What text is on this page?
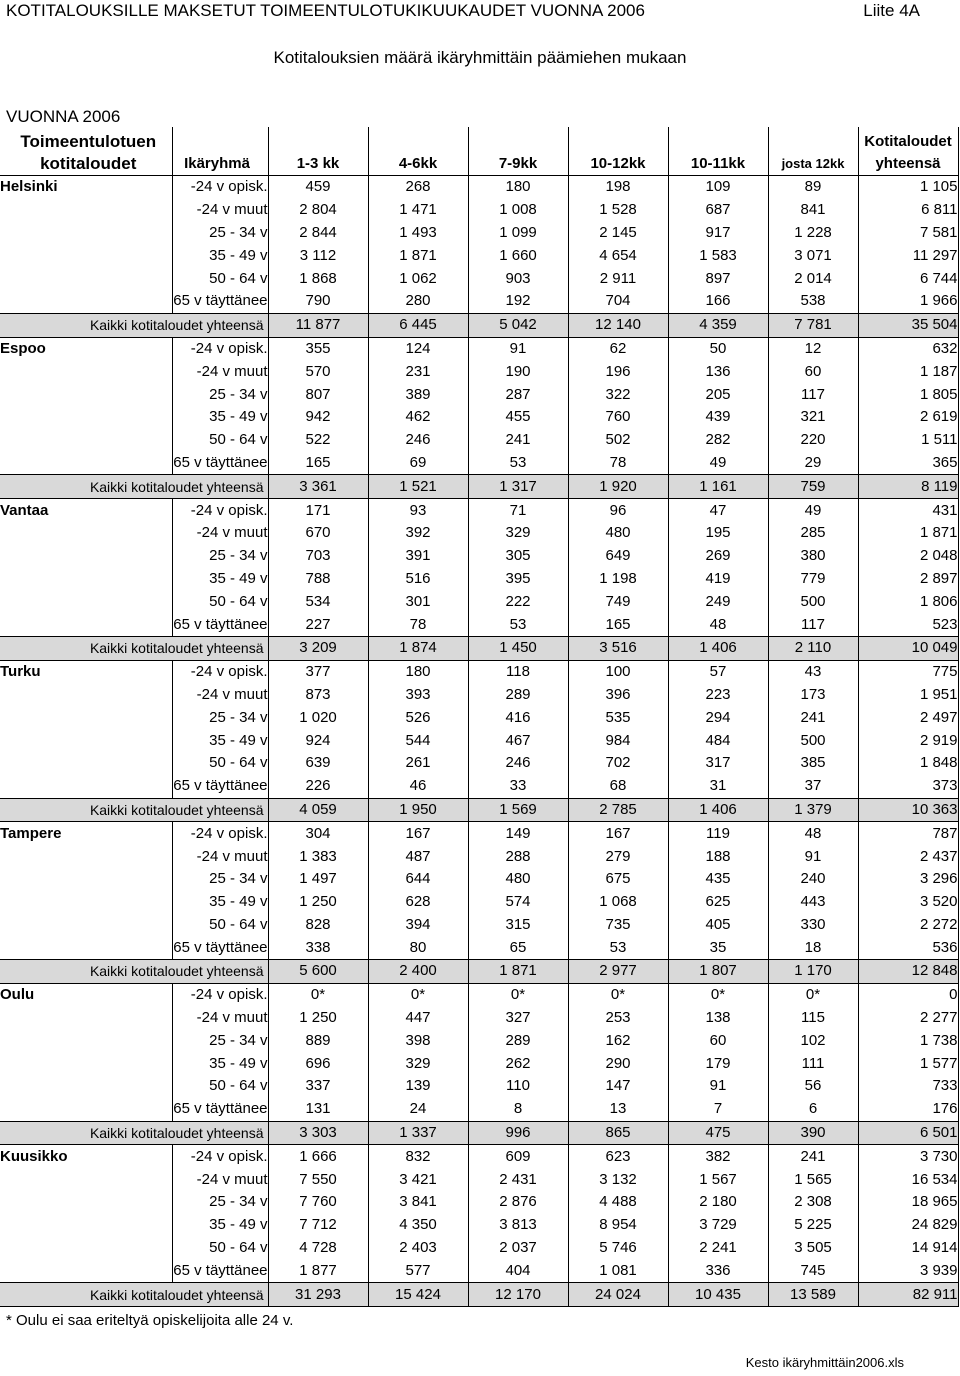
KOTITALOUKSILLE MAKSETUT TOIMEENTULOTUKIKUUKAUDET VUONNA 2006	Liite 4A
Kotitalouksien määrä ikäryhmittäin päämiehen mukaan
VUONNA 2006
Toimeentulotuen								Kotitaloudet
kotitaloudet	Ikäryhmä	1-3 kk	4-6kk	7-9kk	10-12kk	10-11kk	josta 12kk	yhteensä
Helsinki	-24 v opisk.	459	268	180	198	109	89	1 105
	-24 v muut	2 804	1 471	1 008	1 528	687	841	6 811
	25 - 34 v	2 844	1 493	1 099	2 145	917	1 228	7 581
	35 - 49 v	3 112	1 871	1 660	4 654	1 583	3 071	11 297
	50 - 64 v	1 868	1 062	903	2 911	897	2 014	6 744
	65 v täyttänee	790	280	192	704	166	538	1 966
Kaikki kotitaloudet yhteensä		11 877	6 445	5 042	12 140	4 359	7 781	35 504
Espoo	-24 v opisk.	355	124	91	62	50	12	632
	-24 v muut	570	231	190	196	136	60	1 187
	25 - 34 v	807	389	287	322	205	117	1 805
	35 - 49 v	942	462	455	760	439	321	2 619
	50 - 64 v	522	246	241	502	282	220	1 511
	65 v täyttänee	165	69	53	78	49	29	365
Kaikki kotitaloudet yhteensä		3 361	1 521	1 317	1 920	1 161	759	8 119
Vantaa	-24 v opisk.	171	93	71	96	47	49	431
	-24 v muut	670	392	329	480	195	285	1 871
	25 - 34 v	703	391	305	649	269	380	2 048
	35 - 49 v	788	516	395	1 198	419	779	2 897
	50 - 64 v	534	301	222	749	249	500	1 806
	65 v täyttänee	227	78	53	165	48	117	523
Kaikki kotitaloudet yhteensä		3 209	1 874	1 450	3 516	1 406	2 110	10 049
Turku	-24 v opisk.	377	180	118	100	57	43	775
	-24 v muut	873	393	289	396	223	173	1 951
	25 - 34 v	1 020	526	416	535	294	241	2 497
	35 - 49 v	924	544	467	984	484	500	2 919
	50 - 64 v	639	261	246	702	317	385	1 848
	65 v täyttänee	226	46	33	68	31	37	373
Kaikki kotitaloudet yhteensä		4 059	1 950	1 569	2 785	1 406	1 379	10 363
Tampere	-24 v opisk.	304	167	149	167	119	48	787
	-24 v muut	1 383	487	288	279	188	91	2 437
	25 - 34 v	1 497	644	480	675	435	240	3 296
	35 - 49 v	1 250	628	574	1 068	625	443	3 520
	50 - 64 v	828	394	315	735	405	330	2 272
	65 v täyttänee	338	80	65	53	35	18	536
Kaikki kotitaloudet yhteensä		5 600	2 400	1 871	2 977	1 807	1 170	12 848
Oulu	-24 v opisk.	0*	0*	0*	0*	0*	0*	0
	-24 v muut	1 250	447	327	253	138	115	2 277
	25 - 34 v	889	398	289	162	60	102	1 738
	35 - 49 v	696	329	262	290	179	111	1 577
	50 - 64 v	337	139	110	147	91	56	733
	65 v täyttänee	131	24	8	13	7	6	176
Kaikki kotitaloudet yhteensä		3 303	1 337	996	865	475	390	6 501
Kuusikko	-24 v opisk.	1 666	832	609	623	382	241	3 730
	-24 v muut	7 550	3 421	2 431	3 132	1 567	1 565	16 534
	25 - 34 v	7 760	3 841	2 876	4 488	2 180	2 308	18 965
	35 - 49 v	7 712	4 350	3 813	8 954	3 729	5 225	24 829
	50 - 64 v	4 728	2 403	2 037	5 746	2 241	3 505	14 914
	65 v täyttänee	1 877	577	404	1 081	336	745	3 939
Kaikki kotitaloudet yhteensä		31 293	15 424	12 170	24 024	10 435	13 589	82 911
* Oulu ei saa eriteltyä opiskelijoita alle 24 v.
Kesto ikäryhmittäin2006.xls
